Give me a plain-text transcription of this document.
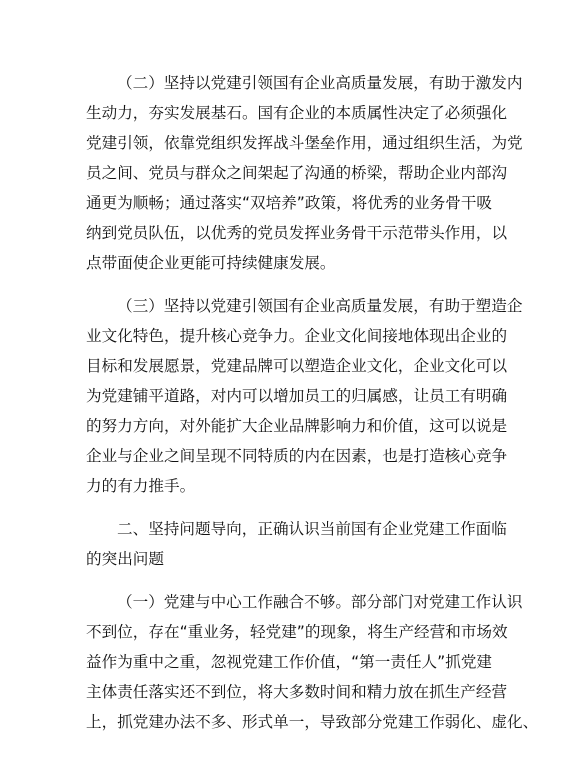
（二）坚持以党建引领国有企业高质量发展，有助于激发内
生动力，夯实发展基石。国有企业的本质属性决定了必须强化
党建引领，依靠党组织发挥战斗堡垒作用，通过组织生活，为党
员之间、党员与群众之间架起了沟通的桥梁，帮助企业内部沟
通更为顺畅；通过落实“双培养”政策，将优秀的业务骨干吸
纳到党员队伍，以优秀的党员发挥业务骨干示范带头作用，以
点带面使企业更能可持续健康发展。

（三）坚持以党建引领国有企业高质量发展，有助于塑造企
业文化特色，提升核心竞争力。企业文化间接地体现出企业的
目标和发展愿景，党建品牌可以塑造企业文化，企业文化可以
为党建铺平道路，对内可以增加员工的归属感，让员工有明确
的努力方向，对外能扩大企业品牌影响力和价值，这可以说是
企业与企业之间呈现不同特质的内在因素，也是打造核心竞争
力的有力推手。

二、坚持问题导向，正确认识当前国有企业党建工作面临
的突出问题

（一）党建与中心工作融合不够。部分部门对党建工作认识
不到位，存在“重业务，轻党建”的现象，将生产经营和市场效
益作为重中之重，忽视党建工作价值，“第一责任人”抓党建
主体责任落实还不到位，将大多数时间和精力放在抓生产经营
上，抓党建办法不多、形式单一，导致部分党建工作弱化、虚化、
